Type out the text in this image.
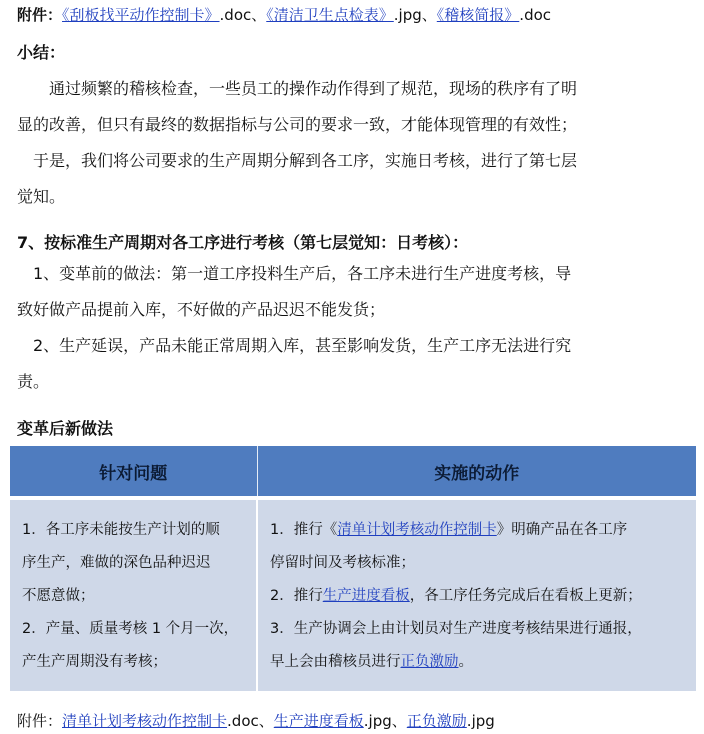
附件：《刮板找平动作控制卡》.doc、《清洁卫生点检表》.jpg、《稽核简报》.doc
小结：
　　通过频繁的稽核检查，一些员工的操作动作得到了规范，现场的秩序有了明
显的改善，但只有最终的数据指标与公司的要求一致，才能体现管理的有效性；
　于是，我们将公司要求的生产周期分解到各工序，实施日考核，进行了第七层
觉知。
7、按标准生产周期对各工序进行考核（第七层觉知：日考核）：
　1、变革前的做法：第一道工序投料生产后，各工序未进行生产进度考核，导
致好做产品提前入库，不好做的产品迟迟不能发货；
　2、生产延误，产品未能正常周期入库，甚至影响发货，生产工序无法进行究
责。
变革后新做法
针对问题	实施的动作

1．各工序未能按生产计划的顺
序生产，难做的深色品种迟迟
不愿意做；
2．产量、质量考核 1 个月一次，
产生产周期没有考核；	1．推行《清单计划考核动作控制卡》明确产品在各工序
停留时间及考核标准；
2．推行生产进度看板，各工序任务完成后在看板上更新；
3．生产协调会上由计划员对生产进度考核结果进行通报，
早上会由稽核员进行正负激励。
附件：清单计划考核动作控制卡.doc、生产进度看板.jpg、正负激励.jpg
